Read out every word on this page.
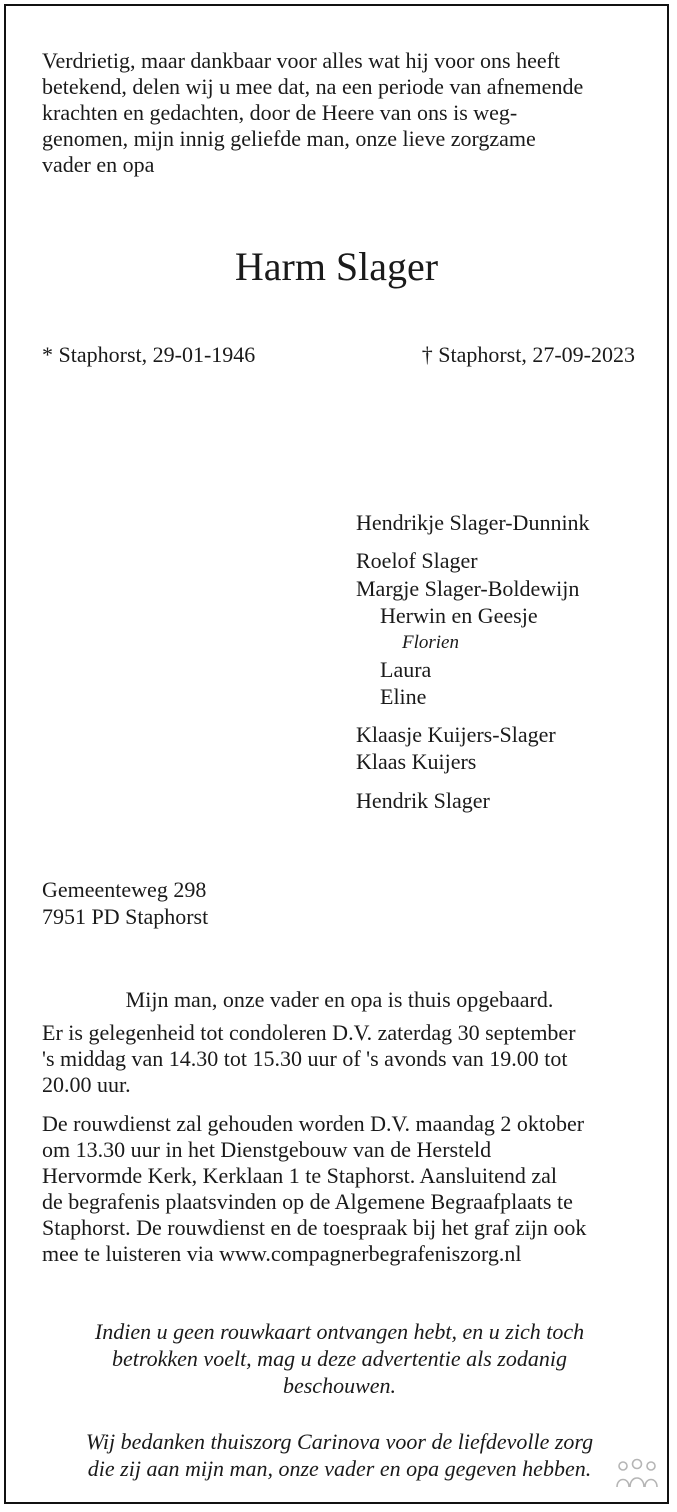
Verdrietig, maar dankbaar voor alles wat hij voor ons heeft

betekend, delen wij u mee dat, na een periode van afnemende

krachten en gedachten, door de Heere van ons is weg-

genomen, mijn innig geliefde man, onze lieve zorgzame

vader en opa

Harm Slager

* Staphorst, 29-01-1946	† Staphorst, 27-09-2023

Hendrikje Slager-Dunnink

Roelof Slager

Margje Slager-Boldewijn

Herwin en Geesje

Florien

Laura

Eline

Klaasje Kuijers-Slager

Klaas Kuijers

Hendrik Slager

Gemeenteweg 298

7951 PD Staphorst

Mijn man, onze vader en opa is thuis opgebaard.

Er is gelegenheid tot condoleren D.V. zaterdag 30 september

's middag van 14.30 tot 15.30 uur of 's avonds van 19.00 tot

20.00 uur.

De rouwdienst zal gehouden worden D.V. maandag 2 oktober

om 13.30 uur in het Dienstgebouw van de Hersteld

Hervormde Kerk, Kerklaan 1 te Staphorst. Aansluitend zal

de begrafenis plaatsvinden op de Algemene Begraafplaats te

Staphorst. De rouwdienst en de toespraak bij het graf zijn ook

mee te luisteren via www.compagnerbegrafeniszorg.nl

Indien u geen rouwkaart ontvangen hebt, en u zich toch

betrokken voelt, mag u deze advertentie als zodanig

beschouwen.

Wij bedanken thuiszorg Carinova voor de liefdevolle zorg

die zij aan mijn man, onze vader en opa gegeven hebben.
